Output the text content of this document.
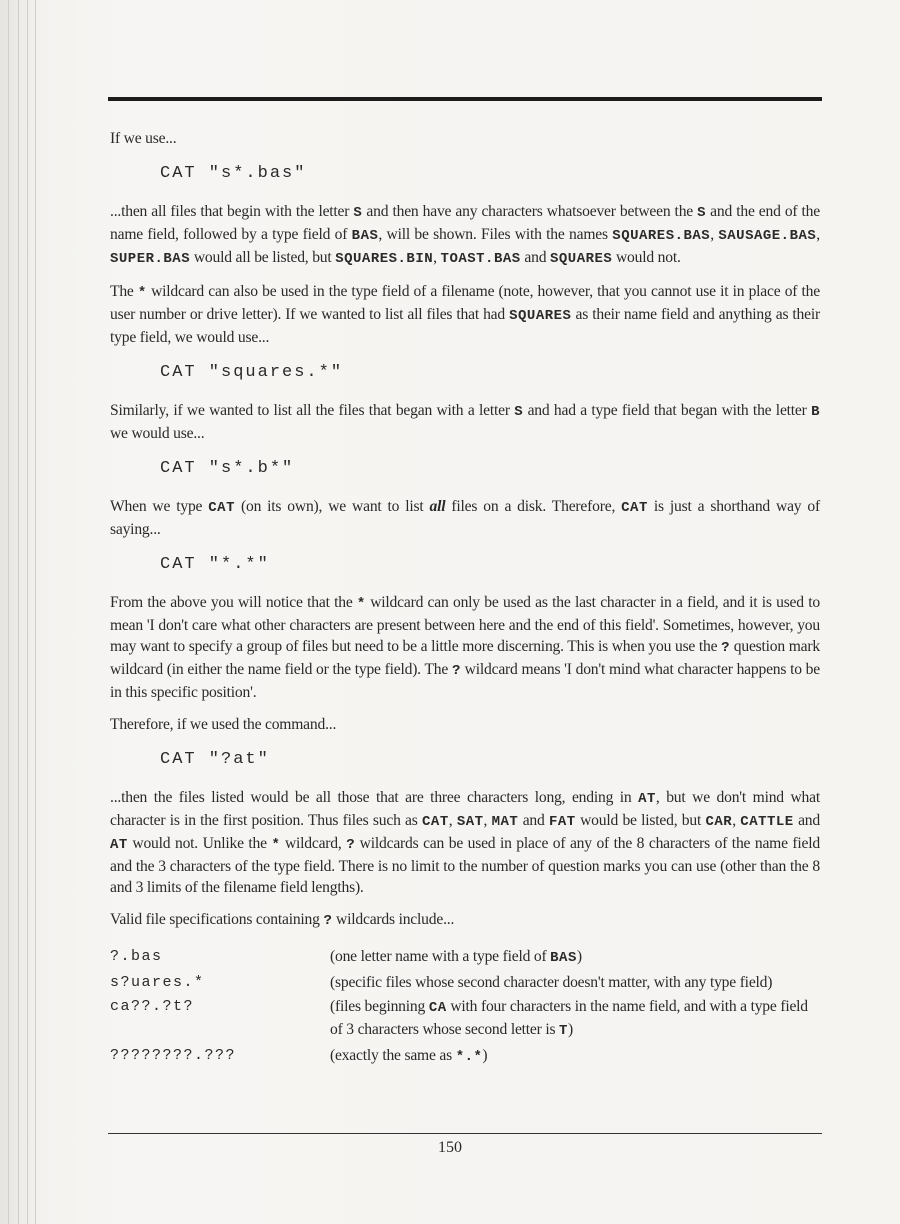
If we use...

CAT "s*.bas"

...then all files that begin with the letter S and then have any characters whatsoever between the S and the end of the name field, followed by a type field of BAS, will be shown. Files with the names SQUARES.BAS, SAUSAGE.BAS, SUPER.BAS would all be listed, but SQUARES.BIN, TOAST.BAS and SQUARES would not.

The * wildcard can also be used in the type field of a filename (note, however, that you cannot use it in place of the user number or drive letter). If we wanted to list all files that had SQUARES as their name field and anything as their type field, we would use...

CAT "squares.*"

Similarly, if we wanted to list all the files that began with a letter S and had a type field that began with the letter B we would use...

CAT "s*.b*"

When we type CAT (on its own), we want to list all files on a disk. Therefore, CAT is just a shorthand way of saying...

CAT "*.*"

From the above you will notice that the * wildcard can only be used as the last character in a field, and it is used to mean 'I don't care what other characters are present between here and the end of this field'. Sometimes, however, you may want to specify a group of files but need to be a little more discerning. This is when you use the ? question mark wildcard (in either the name field or the type field). The ? wildcard means 'I don't mind what character happens to be in this specific position'.

Therefore, if we used the command...

CAT "?at"

...then the files listed would be all those that are three characters long, ending in AT, but we don't mind what character is in the first position. Thus files such as CAT, SAT, MAT and FAT would be listed, but CAR, CATTLE and AT would not. Unlike the * wildcard, ? wildcards can be used in place of any of the 8 characters of the name field and the 3 characters of the type field. There is no limit to the number of question marks you can use (other than the 8 and 3 limits of the filename field lengths).

Valid file specifications containing ? wildcards include...

?.bas	(one letter name with a type field of BAS)
s?uares.*	(specific files whose second character doesn't matter, with any type field)
ca??.?t?	(files beginning CA with four characters in the name field, and with a type field of 3 characters whose second letter is T)
????????.???	(exactly the same as *.*)
150
